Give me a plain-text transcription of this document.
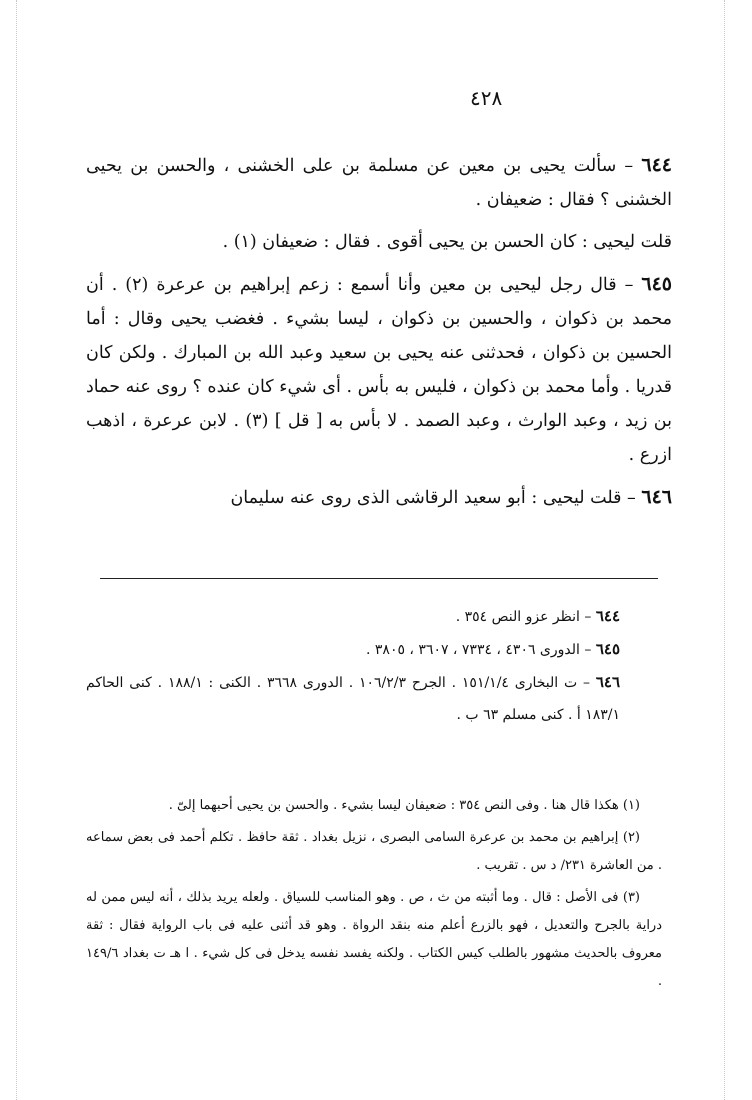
٤٢٨

٦٤٤ – سألت يحيى بن معين عن مسلمة بن على الخشنى ، والحسن بن يحيى الخشنى ؟ فقال : ضعيفان .

قلت ليحيى : كان الحسن بن يحيى أقوى . فقال : ضعيفان (١) .

٦٤٥ – قال رجل ليحيى بن معين وأنا أسمع : زعم إبراهيم بن عرعرة (٢) . أن محمد بن ذكوان ، والحسين بن ذكوان ، ليسا بشيء . فغضب يحيى وقال : أما الحسين بن ذكوان ، فحدثنى عنه يحيى بن سعيد وعبد الله بن المبارك . ولكن كان قدريا . وأما محمد بن ذكوان ، فليس به بأس . أى شيء كان عنده ؟ روى عنه حماد بن زيد ، وعبد الوارث ، وعبد الصمد . لا بأس به [ قل ] (٣) . لابن عرعرة ، اذهب ازرع .

٦٤٦ – قلت ليحيى : أبو سعيد الرقاشى الذى روى عنه سليمان

٦٤٤ – انظر عزو النص ٣٥٤ .

٦٤٥ – الدورى ٤٣٠٦ ، ٧٣٣٤ ، ٣٦٠٧ ، ٣٨٠٥ .

٦٤٦ – ت البخارى ١٥١/١/٤ . الجرح ١٠٦/٢/٣ . الدورى ٣٦٦٨ . الكنى : ١٨٨/١ . كنى الحاكم ١٨٣/١ أ . كنى مسلم ٦٣ ب .

(١) هكذا قال هنا . وفى النص ٣٥٤ : ضعيفان ليسا بشيء . والحسن بن يحيى أحبهما إلىّ .

(٢) إبراهيم بن محمد بن عرعرة السامى البصرى ، نزيل بغداد . ثقة حافظ . تكلم أحمد فى بعض سماعه . من العاشرة ٢٣١/ د س . تقريب .

(٣) فى الأصل : قال . وما أثبته من ث ، ص . وهو المناسب للسياق . ولعله يريد بذلك ، أنه ليس ممن له دراية بالجرح والتعديل ، فهو بالزرع أعلم منه بنقد الرواة . وهو قد أثنى عليه فى باب الرواية فقال : ثقة معروف بالحديث مشهور بالطلب كيس الكتاب . ولكنه يفسد نفسه يدخل فى كل شيء . ا هـ ت بغداد ١٤٩/٦ .
